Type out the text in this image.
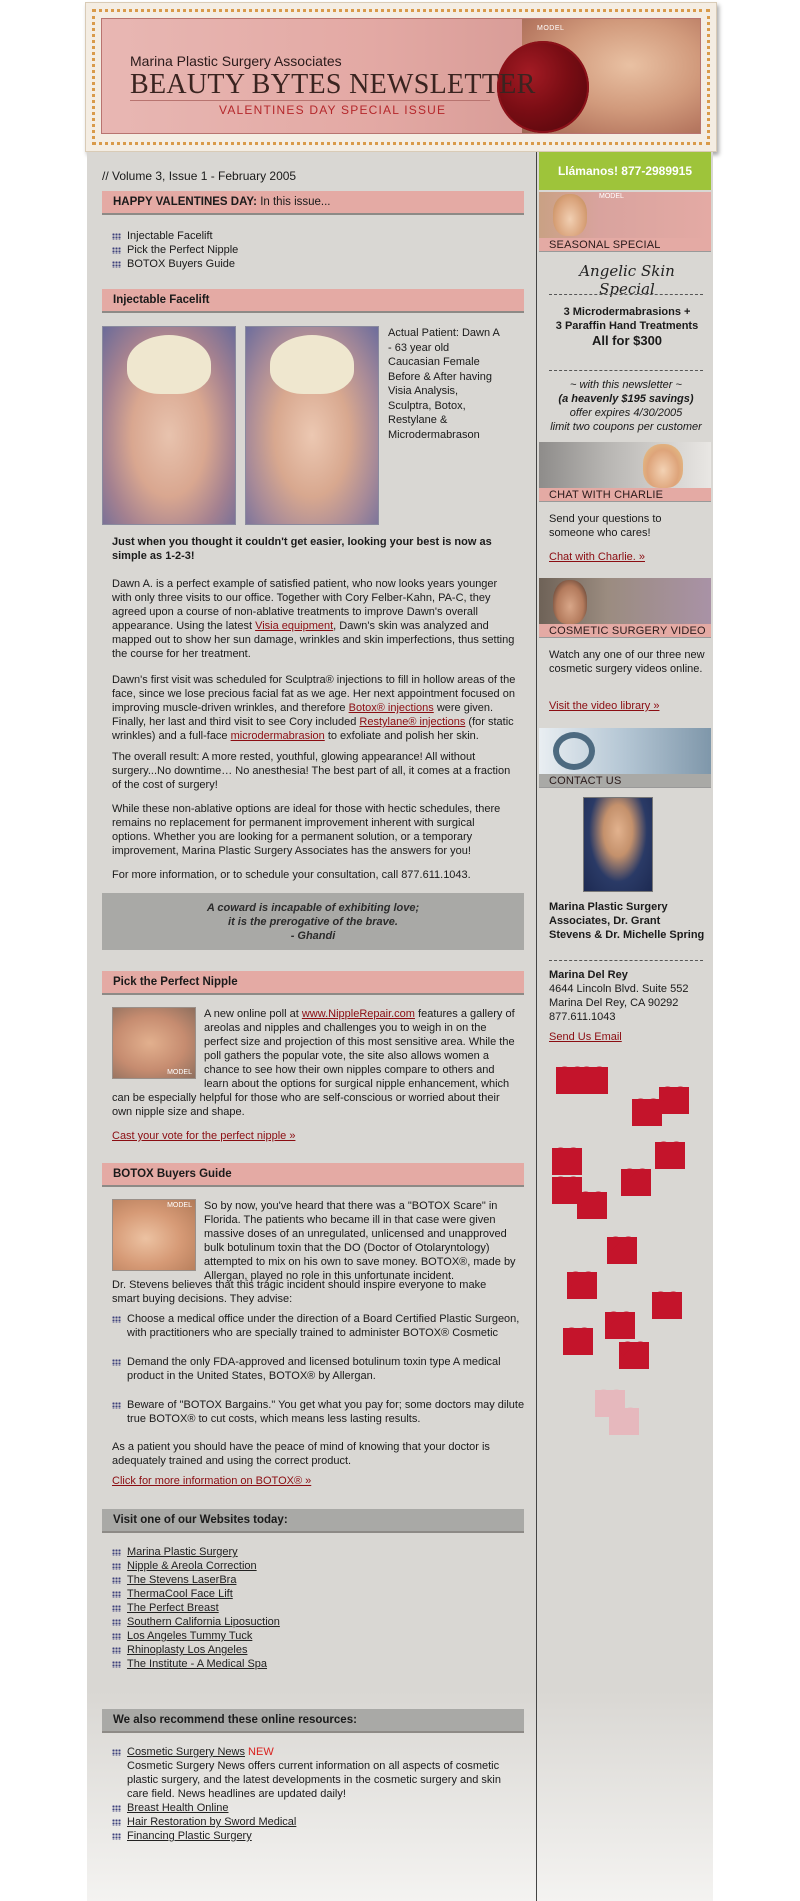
MODEL
Marina Plastic Surgery Associates
BEAUTY BYTES NEWSLETTER
VALENTINES DAY SPECIAL ISSUE
// Volume 3, Issue 1 - February 2005
HAPPY VALENTINES DAY: In this issue...
Injectable Facelift
Pick the Perfect Nipple
BOTOX Buyers Guide
Injectable Facelift

Actual Patient: Dawn A - 63 year old Caucasian Female Before & After having Visia Analysis, Sculptra, Botox, Restylane & Microdermabrason

Just when you thought it couldn't get easier, looking your best is now as simple as 1-2-3!

Dawn A. is a perfect example of satisfied patient, who now looks years younger with only three visits to our office. Together with Cory Felber-Kahn, PA-C, they agreed upon a course of non-ablative treatments to improve Dawn's overall appearance. Using the latest Visia equipment, Dawn's skin was analyzed and mapped out to show her sun damage, wrinkles and skin imperfections, thus setting the course for her treatment.

Dawn's first visit was scheduled for Sculptra® injections to fill in hollow areas of the face, since we lose precious facial fat as we age. Her next appointment focused on improving muscle-driven wrinkles, and therefore Botox® injections were given. Finally, her last and third visit to see Cory included Restylane® injections (for static wrinkles) and a full-face microdermabrasion to exfoliate and polish her skin.

The overall result: A more rested, youthful, glowing appearance! All without surgery...No downtime… No anesthesia! The best part of all, it comes at a fraction of the cost of surgery!

While these non-ablative options are ideal for those with hectic schedules, there remains no replacement for permanent improvement inherent with surgical options. Whether you are looking for a permanent solution, or a temporary improvement, Marina Plastic Surgery Associates has the answers for you!

For more information, or to schedule your consultation, call 877.611.1043.

A coward is incapable of exhibiting love;
it is the prerogative of the brave.
- Ghandi
Pick the Perfect Nipple
MODEL

A new online poll at www.NippleRepair.com features a gallery of areolas and nipples and challenges you to weigh in on the perfect size and projection of this most sensitive area. While the poll gathers the popular vote, the site also allows women a chance to see how their own nipples compare to others and learn about the options for surgical nipple enhancement, which can be especially helpful for those who are self-conscious or worried about their own nipple size and shape.

Cast your vote for the perfect nipple »
BOTOX Buyers Guide
MODEL	So by now, you've heard that there was a "BOTOX Scare" in Florida. The patients who became ill in that case were given massive doses of an unregulated, unlicensed and unapproved bulk botulinum toxin that the DO (Doctor of Otolaryntology) attempted to mix on his own to save money. BOTOX®, made by Allergan, played no role in this unfortunate incident.

Dr. Stevens believes that this tragic incident should inspire everyone to make smart buying decisions. They advise:

Choose a medical office under the direction of a Board Certified Plastic Surgeon, with practitioners who are specially trained to administer BOTOX® Cosmetic
Demand the only FDA-approved and licensed botulinum toxin type A medical product in the United States, BOTOX® by Allergan.
Beware of "BOTOX Bargains." You get what you pay for; some doctors may dilute true BOTOX® to cut costs, which means less lasting results.

As a patient you should have the peace of mind of knowing that your doctor is adequately trained and using the correct product.

Click for more information on BOTOX® »
Visit one of our Websites today:
Marina Plastic Surgery
Nipple & Areola Correction
The Stevens LaserBra
ThermaCool Face Lift
The Perfect Breast
Southern California Liposuction
Los Angeles Tummy Tuck
Rhinoplasty Los Angeles
The Institute - A Medical Spa
We also recommend these online resources:
Cosmetic Surgery News NEW
Cosmetic Surgery News offers current information on all aspects of cosmetic plastic surgery, and the latest developments in the cosmetic surgery and skin care field. News headlines are updated daily!
Breast Health Online
Hair Restoration by Sword Medical
Financing Plastic Surgery
Llámanos! 877-2989915
MODEL
SEASONAL SPECIAL
Angelic Skin Special
3 Microdermabrasions +
3 Paraffin Hand Treatments
All for $300
~ with this newsletter ~
(a heavenly $195 savings)
offer expires 4/30/2005
limit two coupons per customer
CHAT WITH CHARLIE

Send your questions to someone who cares!

Chat with Charlie. »
COSMETIC SURGERY VIDEO

Watch any one of our three new cosmetic surgery videos online.

Visit the video library »
CONTACT US

Marina Plastic Surgery Associates, Dr. Grant Stevens & Dr. Michelle Spring

Marina Del Rey
4644 Lincoln Blvd. Suite 552
Marina Del Rey, CA 90292
877.611.1043
Send Us Email
